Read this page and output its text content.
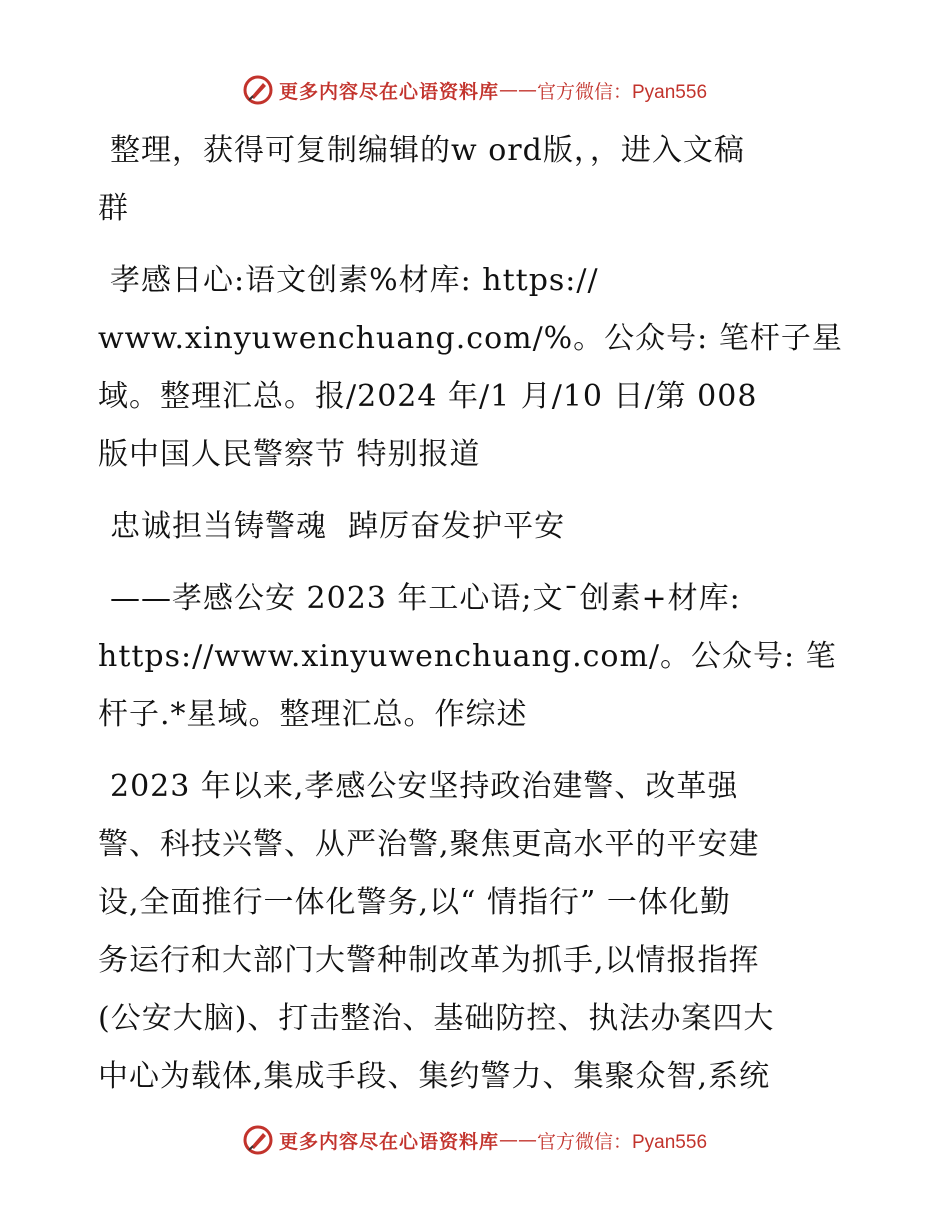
更多内容尽在心语资料库 —— 官方微信：Pyan556

整理，获得可复制编辑的w ord版，，进入文稿
群

孝感日心:语文创素%材库: https://
www.xinyuwenchuang.com/%。公众号: 笔杆子星
域。整理汇总。报/2024 年/1 月/10 日/第 008
版中国人民警察节 特别报道

忠诚担当铸警魂  踔厉奋发护平安

——孝感公安 2023 年工心语;文¯创素+材库:
https://www.xinyuwenchuang.com/。公众号: 笔
杆子.*星域。整理汇总。作综述

2023 年以来,孝感公安坚持政治建警、改革强
警、科技兴警、从严治警,聚焦更高水平的平安建
设,全面推行一体化警务,以“ 情指行” 一体化勤
务运行和大部门大警种制改革为抓手,以情报指挥
(公安大脑)、打击整治、基础防控、执法办案四大
中心为载体,集成手段、集约警力、集聚众智,系统

更多内容尽在心语资料库 —— 官方微信：Pyan556
